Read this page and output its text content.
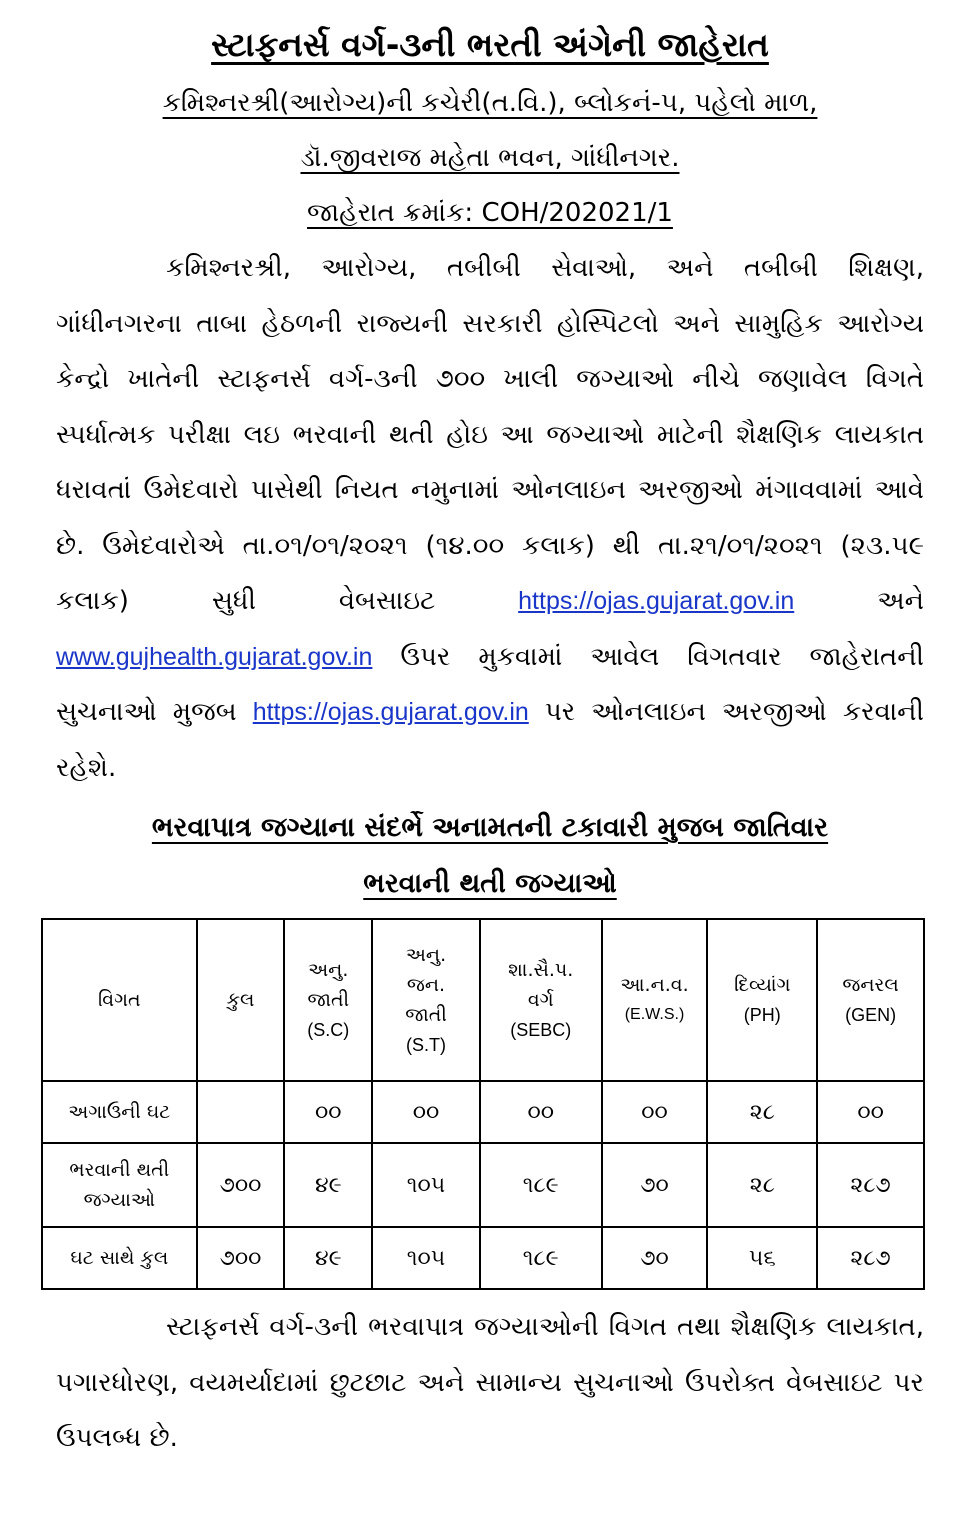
સ્ટાફનર્સ વર્ગ-૩ની ભરતી અંગેની જાહેરાત

કમિશ્નરશ્રી(આરોગ્ય)ની કચેરી(ત.વિ.), બ્લોકનં-૫, પહેલો માળ,

ડૉ.જીવરાજ મહેતા ભવન, ગાંધીનગર.

જાહેરાત ક્રમાંક: COH/202021/1

કમિશ્નરશ્રી, આરોગ્ય, તબીબી સેવાઓ, અને તબીબી શિક્ષણ, ગાંધીનગરના તાબા હેઠળની રાજ્યની સરકારી હોસ્પિટલો અને સામુહિક આરોગ્ય કેન્દ્રો ખાતેની સ્ટાફનર્સ વર્ગ-૩ની ૭૦૦ ખાલી જગ્યાઓ નીચે જણાવેલ વિગતે સ્પર્ધાત્મક પરીક્ષા લઇ ભરવાની થતી હોઇ આ જગ્યાઓ માટેની શૈક્ષણિક લાયકાત ધરાવતાં ઉમેદવારો પાસેથી નિયત નમુનામાં ઓનલાઇન અરજીઓ મંગાવવામાં આવે છે. ઉમેદવારોએ તા.૦૧/૦૧/૨૦૨૧ (૧૪.૦૦ કલાક) થી તા.૨૧/૦૧/૨૦૨૧ (૨૩.૫૯ કલાક) સુધી વેબસાઇટ	https://ojas.gujarat.gov.in	અને www.gujhealth.gujarat.gov.in ઉપર મુકવામાં આવેલ વિગતવાર જાહેરાતની સુચનાઓ મુજબ https://ojas.gujarat.gov.in પર ઓનલાઇન અરજીઓ કરવાની રહેશે.

ભરવાપાત્ર જગ્યાના સંદર્ભે અનામતની ટકાવારી મુજબ જાતિવાર

ભરવાની થતી જગ્યાઓ

વિગત	કુલ	અનુ.
જાતી
(S.C)	અનુ.
જન.
જાતી
(S.T)	શા.સૈ.પ.
વર્ગ
(SEBC)	આ.ન.વ.
(E.W.S.)	દિવ્યાંગ
(PH)	જનરલ
(GEN)

અગાઉની ઘટ		૦૦	૦૦	૦૦	૦૦	૨૮	૦૦

ભરવાની થતી
જગ્યાઓ	૭૦૦	૪૯	૧૦૫	૧૮૯	૭૦	૨૮	૨૮૭
ઘટ સાથે કુલ	૭૦૦	૪૯	૧૦૫	૧૮૯	૭૦	૫૬	૨૮૭

સ્ટાફનર્સ વર્ગ-૩ની ભરવાપાત્ર જગ્યાઓની વિગત તથા શૈક્ષણિક લાયકાત, પગારધોરણ, વયમર્યાદામાં છુટછાટ અને સામાન્ય સુચનાઓ ઉપરોક્ત વેબસાઇટ પર ઉપલબ્ધ છે.
